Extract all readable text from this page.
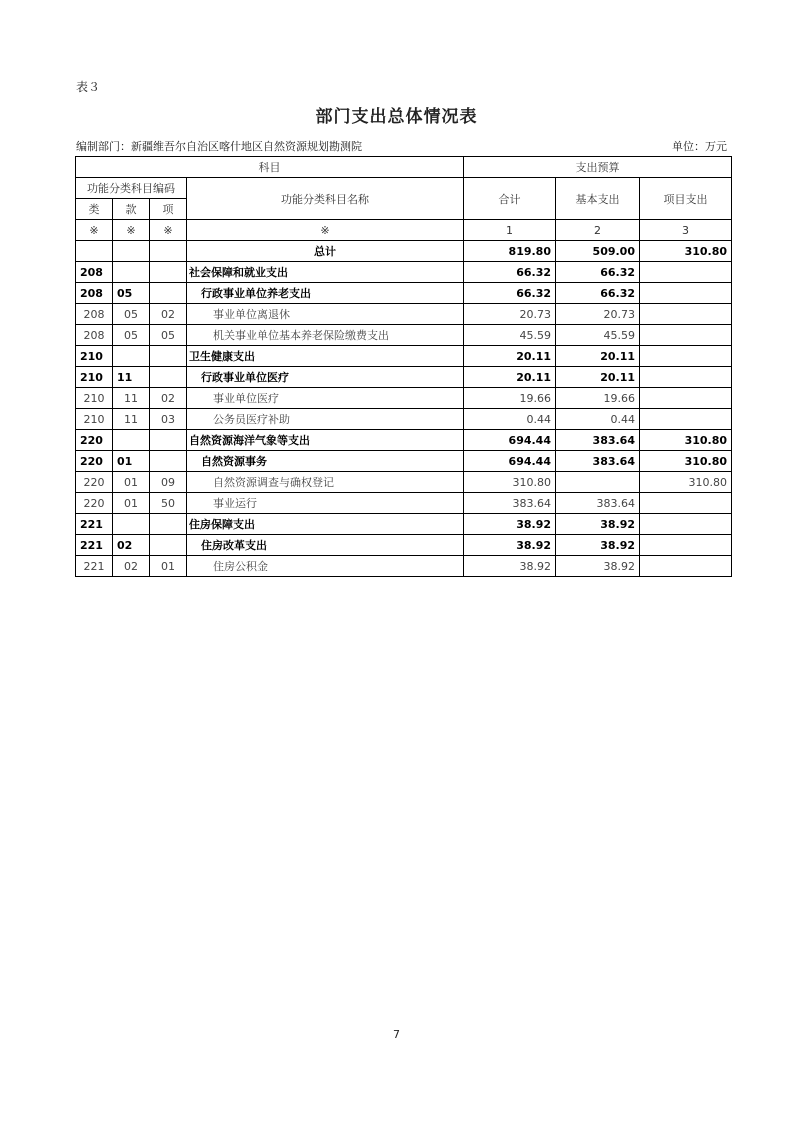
表３
部门支出总体情况表
编制部门：新疆维吾尔自治区喀什地区自然资源规划勘测院	单位：万元
科目				支出预算		
功能分类科目编码			功能分类科目名称	合计	基本支出	项目支出
类	款	项				
※	※	※	※	1	2	3
			总计	819.80	509.00	310.80
208			社会保障和就业支出	66.32	66.32	
208	05		行政事业单位养老支出	66.32	66.32	
208	05	02	事业单位离退休	20.73	20.73	
208	05	05	机关事业单位基本养老保险缴费支出	45.59	45.59	
210			卫生健康支出	20.11	20.11	
210	11		行政事业单位医疗	20.11	20.11	
210	11	02	事业单位医疗	19.66	19.66	
210	11	03	公务员医疗补助	0.44	0.44	
220			自然资源海洋气象等支出	694.44	383.64	310.80
220	01		自然资源事务	694.44	383.64	310.80
220	01	09	自然资源调查与确权登记	310.80		310.80
220	01	50	事业运行	383.64	383.64	
221			住房保障支出	38.92	38.92	
221	02		住房改革支出	38.92	38.92	
221	02	01	住房公积金	38.92	38.92	
7
